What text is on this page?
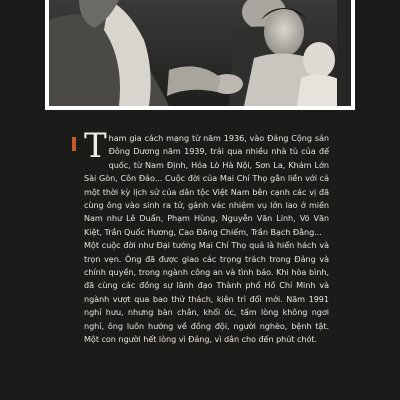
Tham gia cách mạng từ năm 1936, vào Đảng Cộng sản Đông Dương năm 1939, trải qua nhiều nhà tù của đế quốc, từ Nam Định, Hỏa Lò Hà Nội, Sơn La, Khám Lớn Sài Gòn, Côn Đảo... Cuộc đời của Mai Chí Thọ gắn liền với cả một thời kỳ lịch sử của dân tộc Việt Nam bên cạnh các vị đã cùng ông vào sinh ra tử, gánh vác nhiệm vụ lớn lao ở miền Nam như Lê Duẩn, Phạm Hùng, Nguyễn Văn Linh, Võ Văn Kiệt, Trần Quốc Hương, Cao Đăng Chiếm, Trần Bạch Đằng...

Một cuộc đời như Đại tướng Mai Chí Thọ quả là hiển hách và trọn vẹn. Ông đã được giao các trọng trách trong Đảng và chính quyền, trong ngành công an và tình báo. Khi hòa bình, đã cùng các đồng sự lãnh đạo Thành phố Hồ Chí Minh và ngành vượt qua bao thử thách, kiên trì đổi mới. Năm 1991 nghỉ hưu, nhưng bàn chân, khối óc, tấm lòng không ngơi nghỉ, ông luôn hướng về đồng đội, người nghèo, bệnh tật. Một con người hết lòng vì Đảng, vì dân cho đến phút chót.
